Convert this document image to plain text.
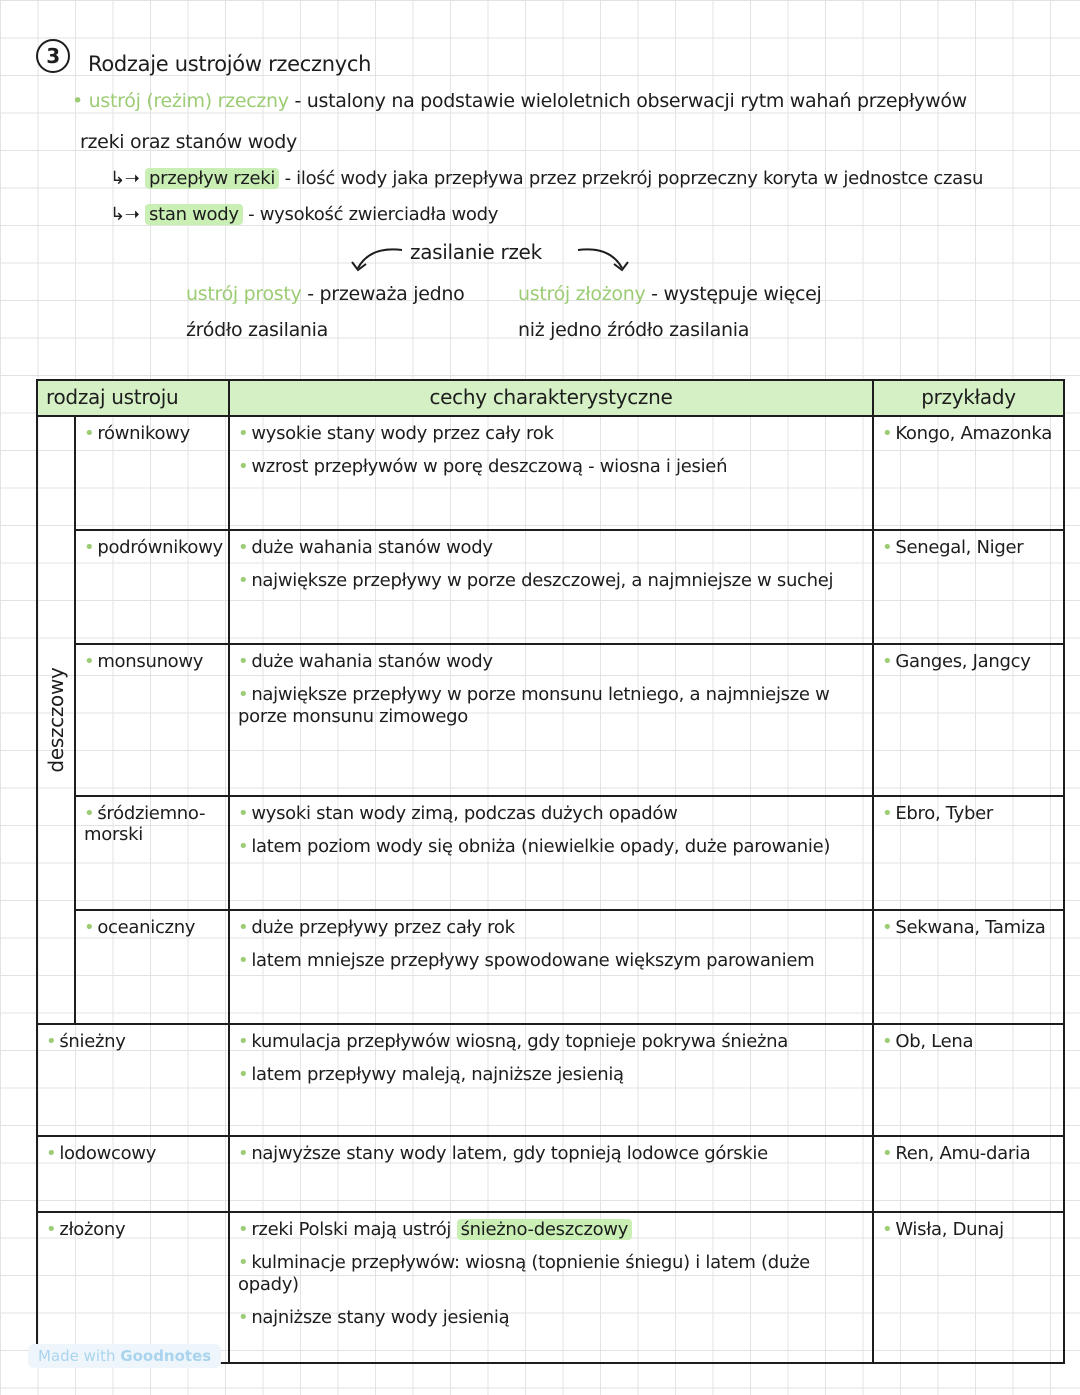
3	Rodzaje ustrojów rzecznych
• ustrój (reżim) rzeczny - ustalony na podstawie wieloletnich obserwacji rytm wahań przepływów
rzeki oraz stanów wody
↳➝ przepływ rzeki - ilość wody jaka przepływa przez przekrój poprzeczny koryta w jednostce czasu
↳➝ stan wody - wysokość zwierciadła wody
zasilanie rzek
ustrój prosty - przeważa jedno
źródło zasilania
ustrój złożony - występuje więcej
niż jedno źródło zasilania
rodzaj ustroju		cechy charakterystyczne	przykłady

deszczowy	• równikowy	• wysokie stany wody przez cały rok
• wzrost przepływów w porę deszczową - wiosna i jesień	• Kongo, Amazonka
	• podrównikowy	• duże wahania stanów wody
• największe przepływy w porze deszczowej, a najmniejsze w suchej	• Senegal, Niger
	• monsunowy	• duże wahania stanów wody
• największe przepływy w porze monsunu letniego, a najmniejsze w porze monsunu zimowego	• Ganges, Jangcy
	• śródziemno-morski	• wysoki stan wody zimą, podczas dużych opadów
• latem poziom wody się obniża (niewielkie opady, duże parowanie)	• Ebro, Tyber
	• oceaniczny	• duże przepływy przez cały rok
• latem mniejsze przepływy spowodowane większym parowaniem	• Sekwana, Tamiza
• śnieżny		• kumulacja przepływów wiosną, gdy topnieje pokrywa śnieżna
• latem przepływy maleją, najniższe jesienią	• Ob, Lena
• lodowcowy		• najwyższe stany wody latem, gdy topnieją lodowce górskie	• Ren, Amu-daria
• złożony		• rzeki Polski mają ustrój śnieżno-deszczowy
• kulminacje przepływów: wiosną (topnienie śniegu) i latem (duże opady)
• najniższe stany wody jesienią	• Wisła, Dunaj
Made with Goodnotes
